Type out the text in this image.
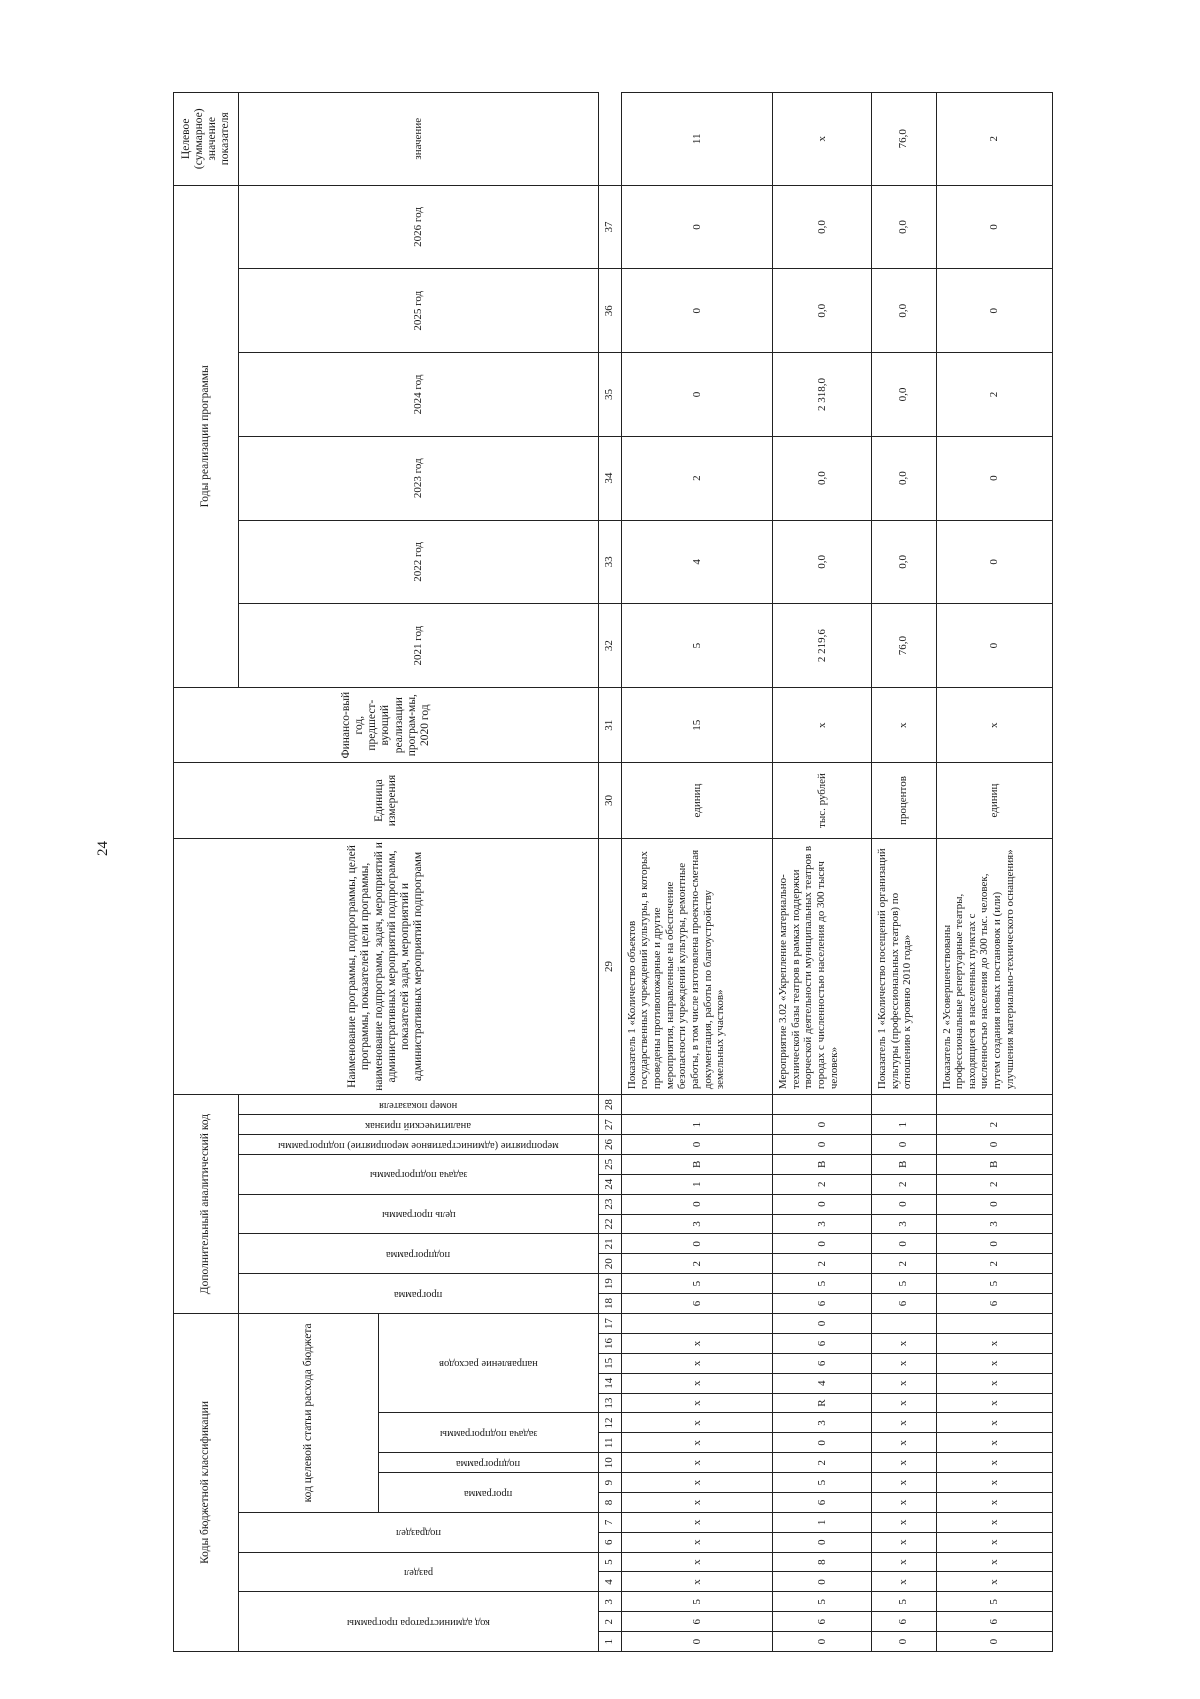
24
Коды бюджетной классификации																	Дополнительный аналитический код											Наименование программы, подпрограммы, целей программы, показателей цели программы, наименование подпрограмм, задач, мероприятий и административных мероприятий подпрограмм, показателей задач, мероприятий и административных мероприятий подпрограмм	Единица измерения	Финансо-вый год, предшест-вующий реализации програм-мы, 2020 год	Годы реализации программы						Целевое (суммарное) значение показателя

код администратора программы			раздел		подраздел		код целевой статьи расхода бюджета										программа		подпрограмма		цель программы		задача подпрограммы		мероприятие (административное мероприятие) подпрограммы	аналитический признак	номер показателя				2021 год	2022 год	2023 год	2024 год	2025 год	2026 год	значение

							программа		подпрограмма	задача подпрограммы		направление расходов																									

1	2	3	4	5	6	7	8	9	10	11	12	13	14	15	16	17	18	19	20	21	22	23	24	25	26	27	28	29	30	31	32	33	34	35	36	37	
0	6	5	x	x	x	x	x	x	x	x	x	x	x	x	x		6	5	2	0	3	0	1	В	0	1		Показатель 1 «Количество объектов государственных учреждений культуры, в которых проведены противопожарные и другие мероприятия, направленные на обеспечение безопасности учреждений культуры, ремонтные работы, в том числе изготовлена проектно-сметная документация, работы по благоустройству земельных участков»	единиц	15	5	4	2	0	0	0	11
0	6	5	0	8	0	1	6	5	2	0	3	R	4	6	6	0	6	5	2	0	3	0	2	В	0	0		Мероприятие 3.02 «Укрепление материально-технической базы театров в рамках поддержки творческой деятельности муниципальных театров в городах с численностью населения до 300 тысяч человек»	тыс. рублей	х	2 219,6	0,0	0,0	2 318,0	0,0	0,0	х
0	6	5	х	х	х	х	х	х	х	х	х	х	х	х	х		6	5	2	0	3	0	2	В	0	1		Показатель 1 «Количество посещений организаций культуры (профессиональных театров) по отношению к уровню 2010 года»	процентов	х	76,0	0,0	0,0	0,0	0,0	0,0	76,0
0	6	5	х	х	х	х	х	х	х	х	х	х	х	х	х		6	5	2	0	3	0	2	В	0	2		Показатель 2 «Усовершенствованы профессиональные репертуарные театры, находящиеся в населенных пунктах с численностью населения до 300 тыс. человек, путем создания новых постановок и (или) улучшения материально-технического оснащения»	единиц	х	0	0	0	2	0	0	2
